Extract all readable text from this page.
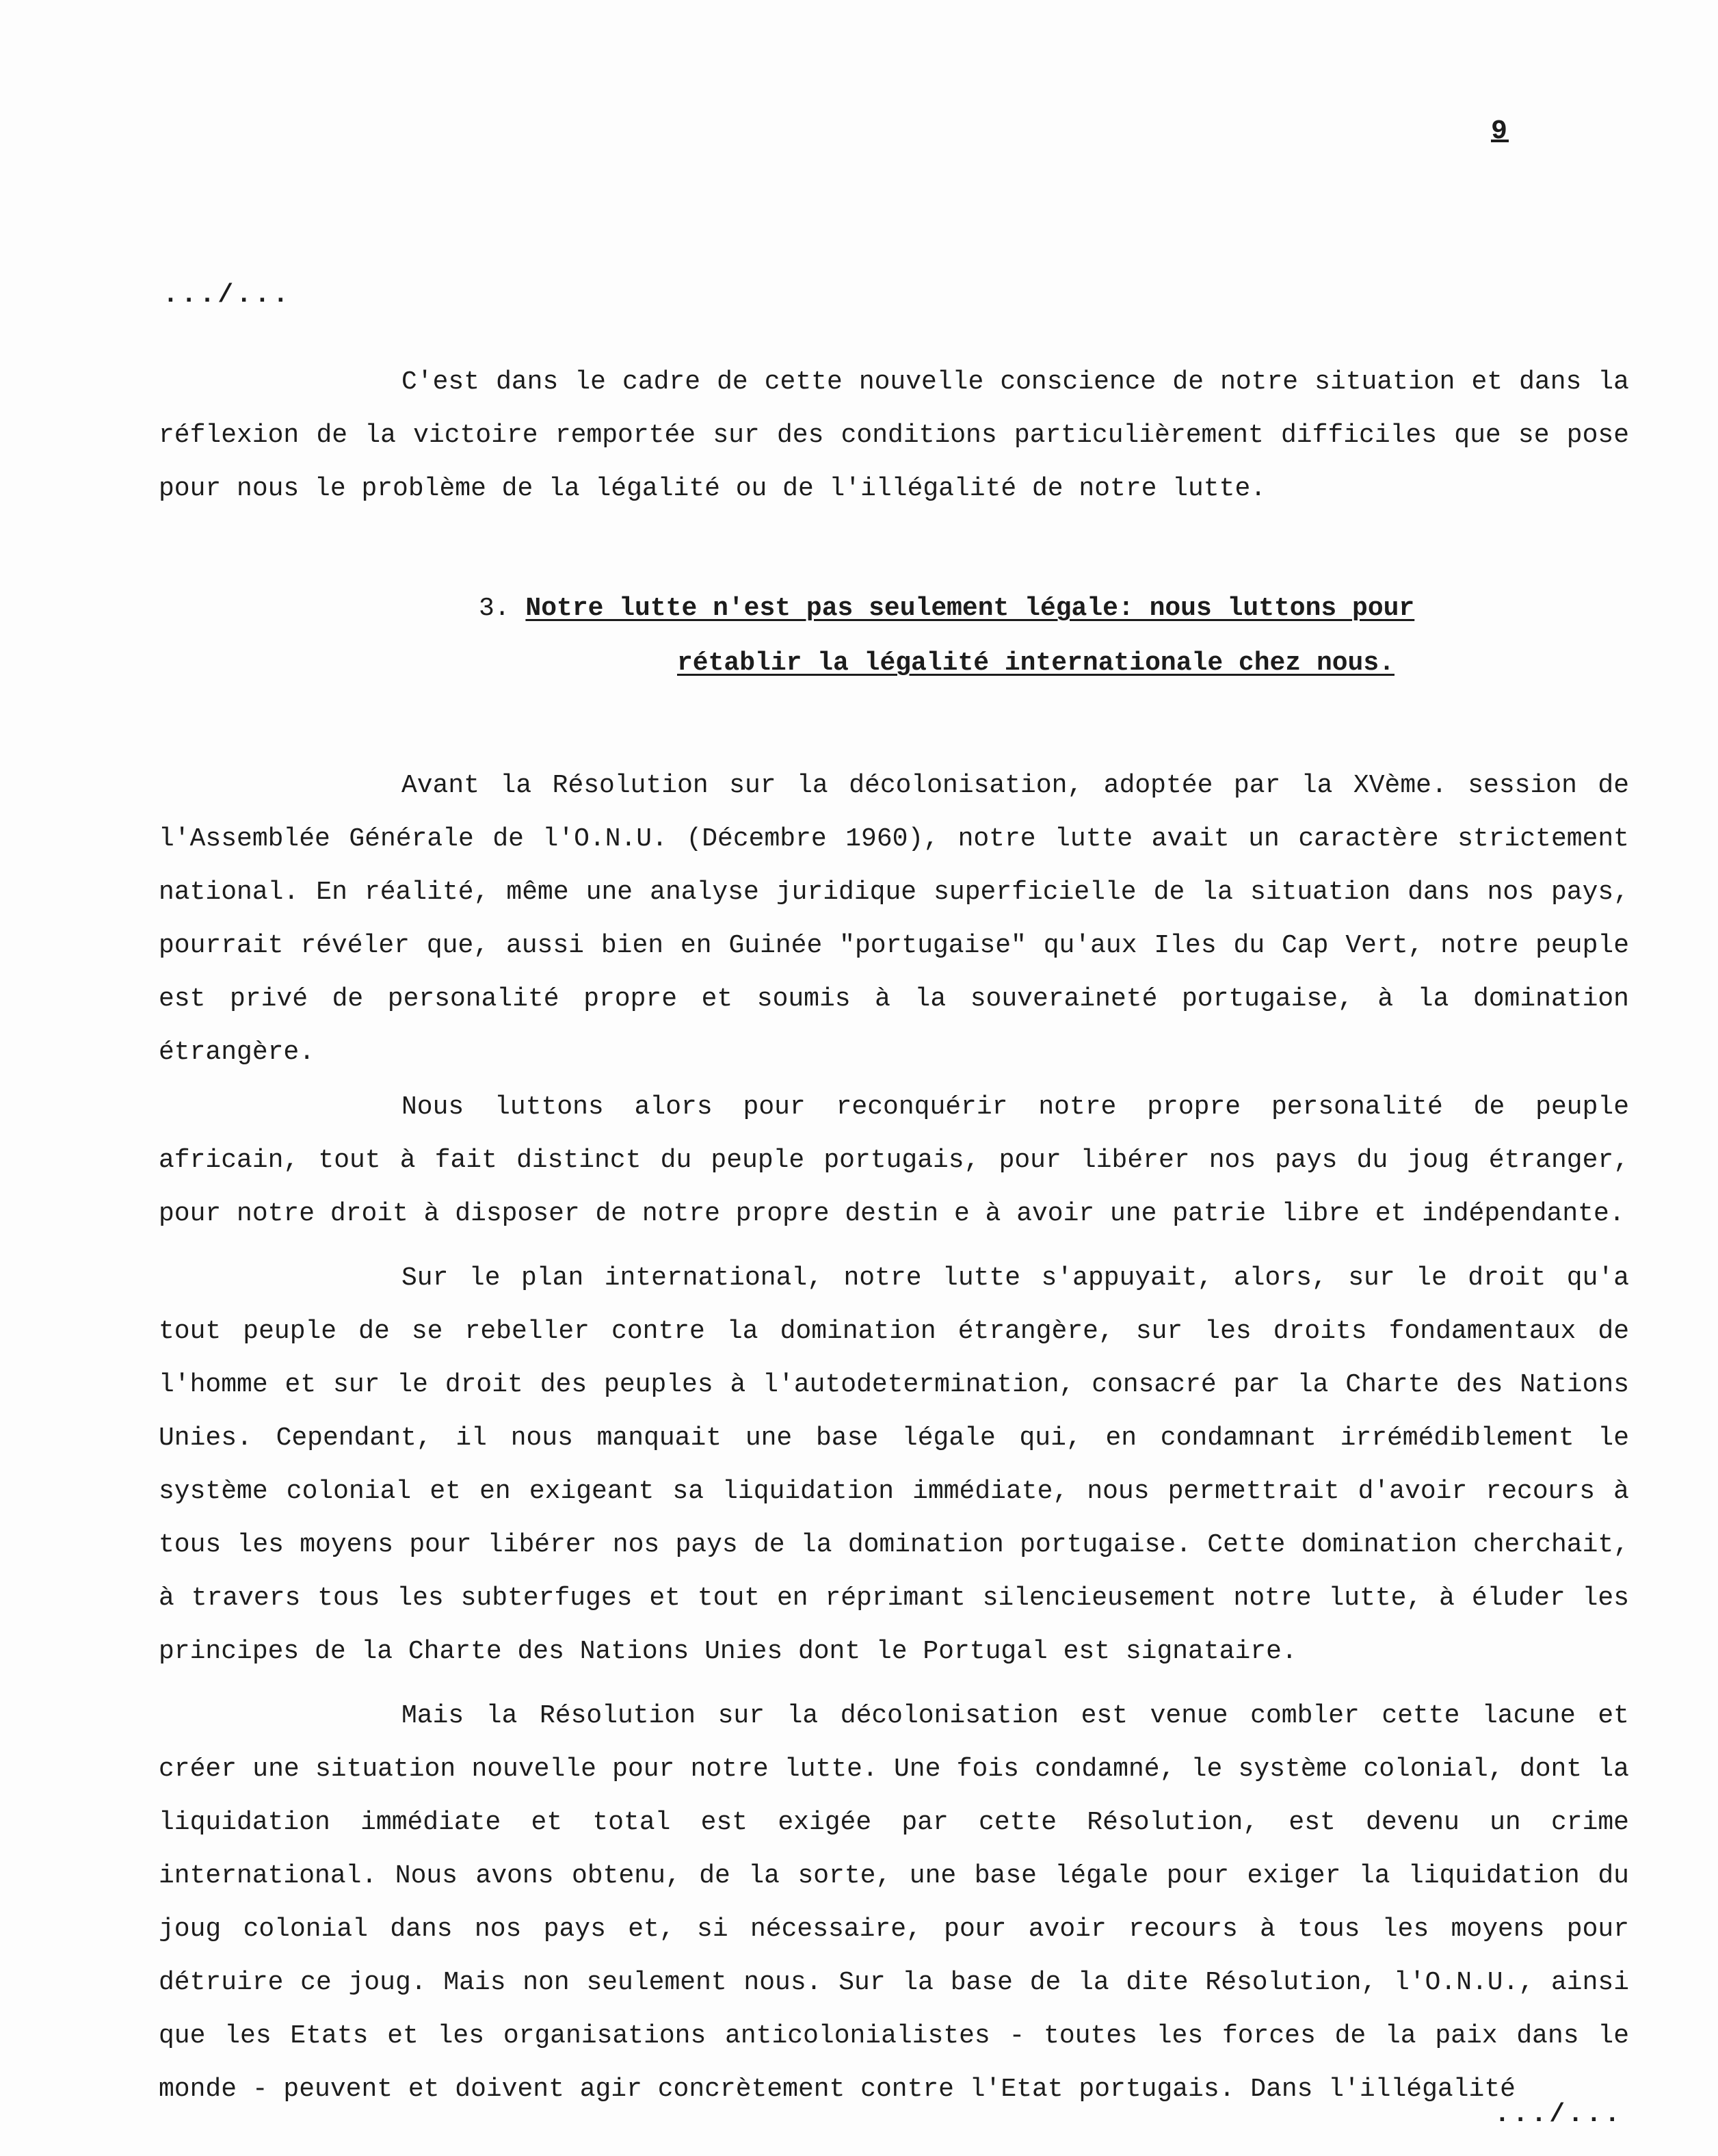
9
.../...

C'est dans le cadre de cette nouvelle conscience de notre situation et dans la réflexion de la victoire remportée sur des conditions particulièrement difficiles que se pose pour nous le problème de la légalité ou de l'illégalité de notre lutte.

3. Notre lutte n'est pas seulement légale: nous luttons pour
rétablir la légalité internationale chez nous.

Avant la Résolution sur la décolonisation, adoptée par la XVème. session de l'Assemblée Générale de l'O.N.U. (Décembre 1960), notre lutte avait un caractère strictement national. En réalité, même une analyse juridique superficielle de la situation dans nos pays, pourrait révéler que, aussi bien en Guinée "portugaise" qu'aux Iles du Cap Vert, notre peuple est privé de personalité propre et soumis à la souveraineté portugaise, à la domination étrangère.

Nous luttons alors pour reconquérir notre propre personalité de peuple africain, tout à fait distinct du peuple portugais, pour libérer nos pays du joug étranger, pour notre droit à disposer de notre propre destin e à avoir une patrie libre et indépendante.

Sur le plan international, notre lutte s'appuyait, alors, sur le droit qu'a tout peuple de se rebeller contre la domination étrangère, sur les droits fondamentaux de l'homme et sur le droit des peuples à l'autodetermination, consacré par la Charte des Nations Unies. Cependant, il nous manquait une base légale qui, en condamnant irrémédiblement le système colonial et en exigeant sa liquidation immédiate, nous permettrait d'avoir recours à tous les moyens pour libérer nos pays de la domination portugaise. Cette domination cherchait, à travers tous les subterfuges et tout en réprimant silencieusement notre lutte, à éluder les principes de la Charte des Nations Unies dont le Portugal est signataire.

Mais la Résolution sur la décolonisation est venue combler cette lacune et créer une situation nouvelle pour notre lutte. Une fois condamné, le système colonial, dont la liquidation immédiate et total est exigée par cette Résolution, est devenu un crime international. Nous avons obtenu, de la sorte, une base légale pour exiger la liquidation du joug colonial dans nos pays et, si nécessaire, pour avoir recours à tous les moyens pour détruire ce joug. Mais non seulement nous. Sur la base de la dite Résolution, l'O.N.U., ainsi que les Etats et les organisations anticolonialistes - toutes les forces de la paix dans le monde - peuvent et doivent agir concrètement contre l'Etat portugais. Dans l'illégalité

.../...
